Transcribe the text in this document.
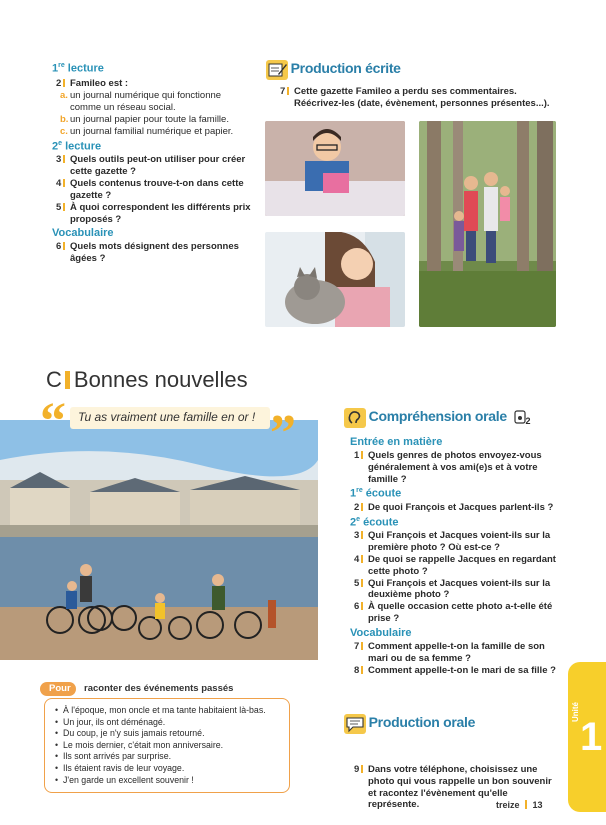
1re lecture
2 Famileo est :
a. un journal numérique qui fonctionne comme un réseau social.
b. un journal papier pour toute la famille.
c. un journal familial numérique et papier.
2e lecture
3 Quels outils peut-on utiliser pour créer cette gazette ?
4 Quels contenus trouve-t-on dans cette gazette ?
5 À quoi correspondent les différents prix proposés ?
Vocabulaire
6 Quels mots désignent des personnes âgées ?
Production écrite
7 Cette gazette Famileo a perdu ses commentaires. Réécrivez-les (date, évènement, personnes présentes...).
C Bonnes nouvelles
“	Tu as vraiment une famille en or ! ”
Pour	raconter des événements passés
• À l'époque, mon oncle et ma tante habitaient là-bas.
• Un jour, ils ont déménagé.
• Du coup, je n'y suis jamais retourné.
• Le mois dernier, c'était mon anniversaire.
• Ils sont arrivés par surprise.
• Ils étaient ravis de leur voyage.
• J'en garde un excellent souvenir !
Compréhension orale 2
Entrée en matière
1 Quels genres de photos envoyez-vous généralement à vos ami(e)s et à votre famille ?
1re écoute
2 De quoi François et Jacques parlent-ils ?
2e écoute
3 Qui François et Jacques voient-ils sur la première photo ? Où est-ce ?
4 De quoi se rappelle Jacques en regardant cette photo ?
5 Qui François et Jacques voient-ils sur la deuxième photo ?
6 À quelle occasion cette photo a-t-elle été prise ?
Vocabulaire
7 Comment appelle-t-on la famille de son mari ou de sa femme ?
8 Comment appelle-t-on le mari de sa fille ?
Production orale
9 Dans votre téléphone, choisissez une photo qui vous rappelle un bon souvenir et racontez l'évènement qu'elle représente.
Unité
1
treize 13
